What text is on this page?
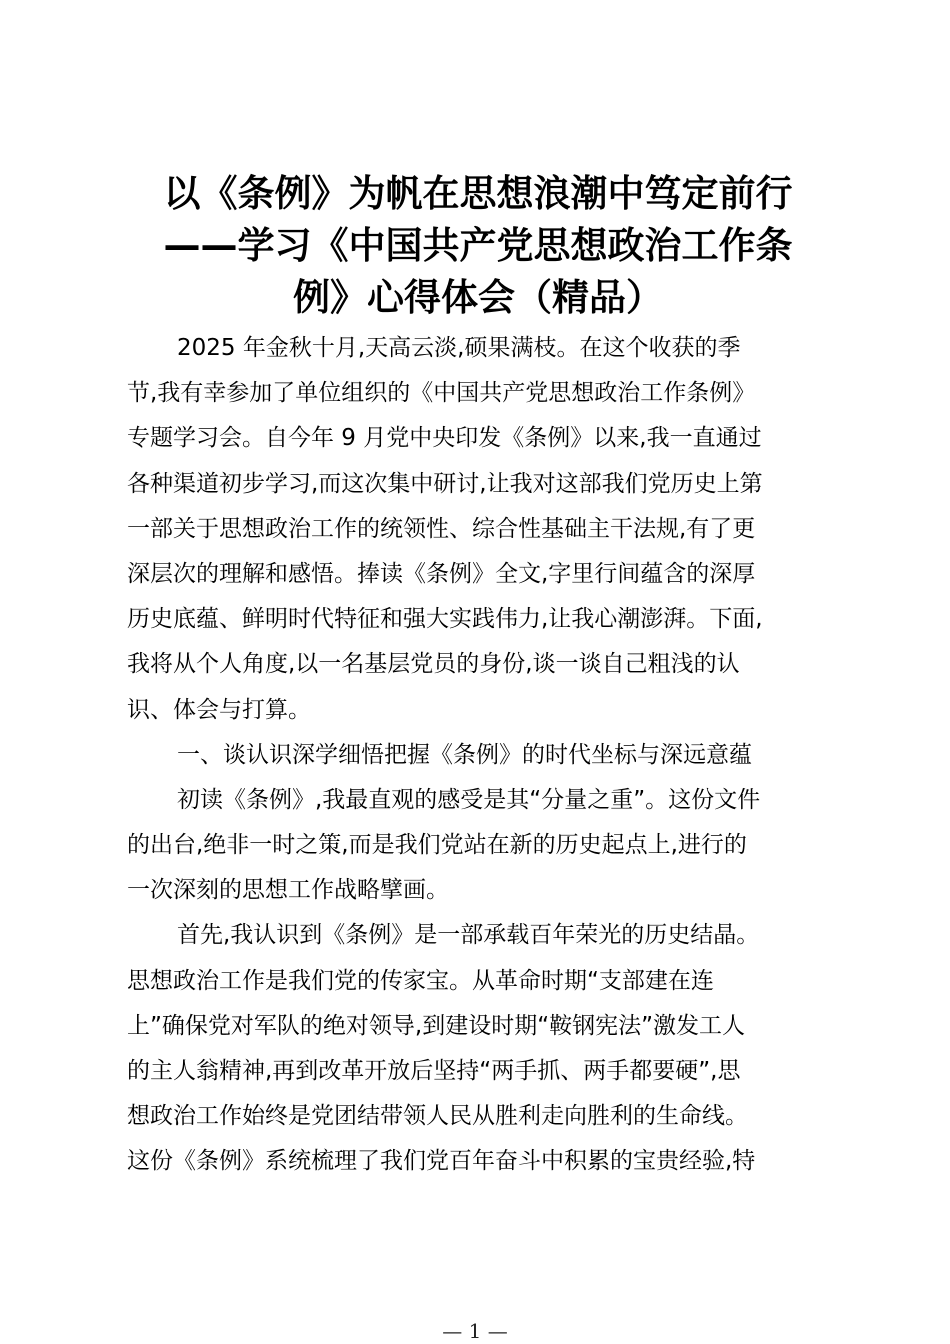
以《条例》为帆在思想浪潮中笃定前行
——学习《中国共产党思想政治工作条
例》心得体会（精品）
2025 年金秋十月,天高云淡,硕果满枝。在这个收获的季
节,我有幸参加了单位组织的《中国共产党思想政治工作条例》
专题学习会。自今年 9 月党中央印发《条例》以来,我一直通过
各种渠道初步学习,而这次集中研讨,让我对这部我们党历史上第
一部关于思想政治工作的统领性、综合性基础主干法规,有了更
深层次的理解和感悟。捧读《条例》全文,字里行间蕴含的深厚
历史底蕴、鲜明时代特征和强大实践伟力,让我心潮澎湃。下面,
我将从个人角度,以一名基层党员的身份,谈一谈自己粗浅的认
识、体会与打算。
一、谈认识深学细悟把握《条例》的时代坐标与深远意蕴
初读《条例》,我最直观的感受是其“分量之重”。这份文件
的出台,绝非一时之策,而是我们党站在新的历史起点上,进行的
一次深刻的思想工作战略擘画。
首先,我认识到《条例》是一部承载百年荣光的历史结晶。
思想政治工作是我们党的传家宝。从革命时期“支部建在连
上”确保党对军队的绝对领导,到建设时期“鞍钢宪法”激发工人
的主人翁精神,再到改革开放后坚持“两手抓、两手都要硬”,思
想政治工作始终是党团结带领人民从胜利走向胜利的生命线。
这份《条例》系统梳理了我们党百年奋斗中积累的宝贵经验,特
— 1 —
